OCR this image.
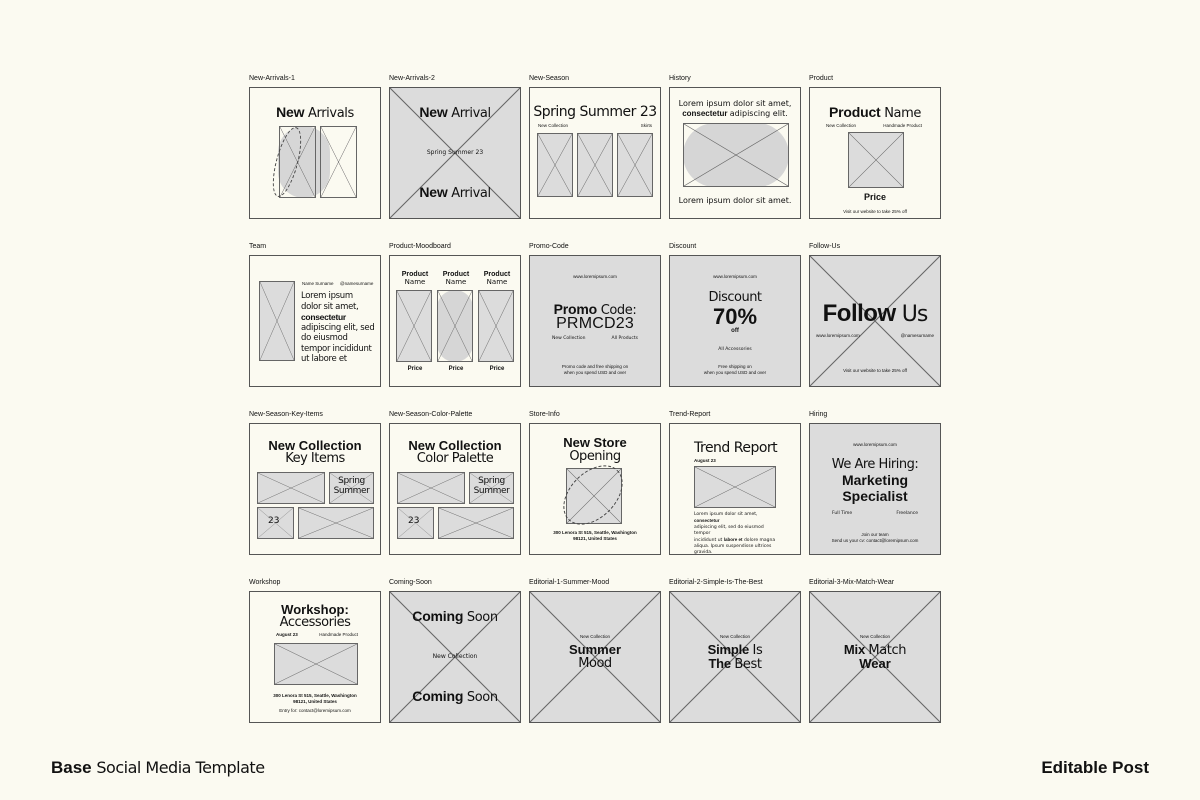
New-Arrivals-1
New Arrivals
New-Arrivals-2
New Arrival
Spring Summer 23
New Arrival
New-Season
Spring Summer 23
New Collection	Skirts
History
Lorem ipsum dolor sit amet,
consectetur adipiscing elit.
Lorem ipsum dolor sit amet.
Product
Product Name
New Collection	Handmade Product
Price
Visit our website to take 25% off
Team
Name Surname @namesurname
Lorem ipsum
dolor sit amet,
consectetur
adipiscing elit, sed
do eiusmod
tempor incididunt
ut labore et
Product-Moodboard
Product
Name
Product
Name
Product
Name
Price	Price	Price
Promo-Code
www.loremipsum.com
Promo Code:
PRMCD23
New Collection	All Products
Promo code and free shipping on
when you spend USD and over
Discount
www.loremipsum.com
Discount
70%
off
All Accessories
Free shipping on
when you spend USD and over
Follow-Us
Follow Us
www.loremipsum.com	@namesurname
Visit our website to take 25% off
New-Season-Key-Items
New Collection
Key Items
Spring
Summer
23
New-Season-Color-Palette
New Collection
Color Palette
Spring
Summer
23
Store-Info
New Store
Opening
300 Lenora St 515, Seattle, Washington
98121, United States
Trend-Report
Trend Report
August 23
Lorem ipsum dolor sit amet, consectetur
adipiscing elit, sed do eiusmod tempor
incididunt ut labore et dolore magna
aliqua. Ipsum suspendisse ultrices gravida.
Hiring
www.loremipsum.com
We Are Hiring:
Marketing
Specialist
Full Time	Freelance
Join our team
Send us your cv: contact@loremipsum.com
Workshop
Workshop:
Accessories
August 23	Handmade Product
300 Lenora St 515, Seattle, Washington
98121, United States
Entry for: contact@loremipsum.com
Coming-Soon
Coming Soon
New Collection
Coming Soon
Editorial-1-Summer-Mood
New Collection
Summer
Mood
Editorial-2-Simple-Is-The-Best
New Collection
Simple Is
The Best
Editorial-3-Mix-Match-Wear
New Collection
Mix Match
Wear
Base Social Media Template	Editable Post
